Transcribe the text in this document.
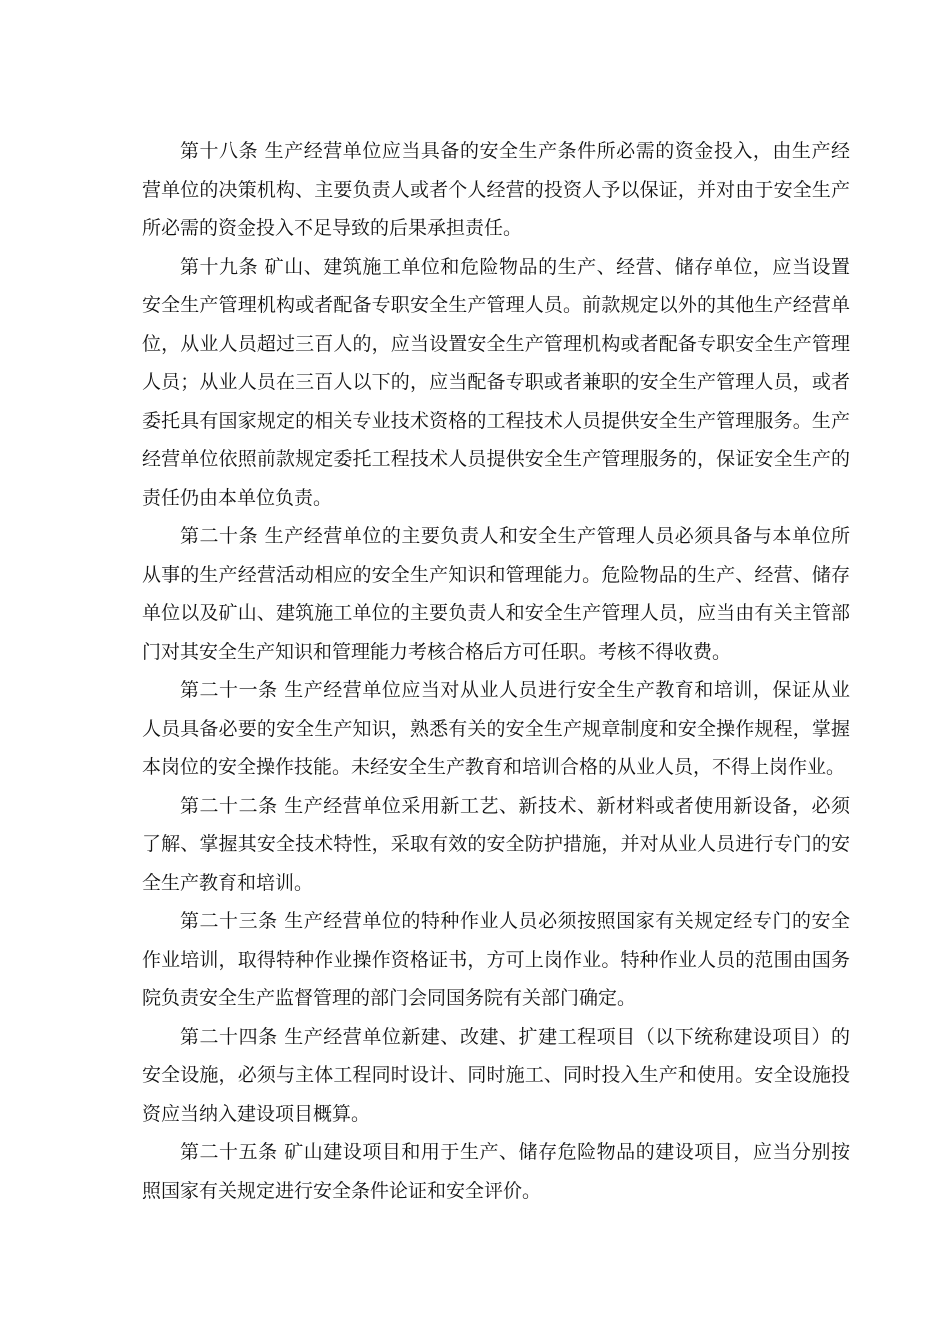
第十八条 生产经营单位应当具备的安全生产条件所必需的资金投入，由生产经营单位的决策机构、主要负责人或者个人经营的投资人予以保证，并对由于安全生产所必需的资金投入不足导致的后果承担责任。

第十九条 矿山、建筑施工单位和危险物品的生产、经营、储存单位，应当设置安全生产管理机构或者配备专职安全生产管理人员。前款规定以外的其他生产经营单位，从业人员超过三百人的，应当设置安全生产管理机构或者配备专职安全生产管理人员；从业人员在三百人以下的，应当配备专职或者兼职的安全生产管理人员，或者委托具有国家规定的相关专业技术资格的工程技术人员提供安全生产管理服务。生产经营单位依照前款规定委托工程技术人员提供安全生产管理服务的，保证安全生产的责任仍由本单位负责。

第二十条 生产经营单位的主要负责人和安全生产管理人员必须具备与本单位所从事的生产经营活动相应的安全生产知识和管理能力。危险物品的生产、经营、储存单位以及矿山、建筑施工单位的主要负责人和安全生产管理人员，应当由有关主管部门对其安全生产知识和管理能力考核合格后方可任职。考核不得收费。

第二十一条 生产经营单位应当对从业人员进行安全生产教育和培训，保证从业人员具备必要的安全生产知识，熟悉有关的安全生产规章制度和安全操作规程，掌握本岗位的安全操作技能。未经安全生产教育和培训合格的从业人员，不得上岗作业。

第二十二条 生产经营单位采用新工艺、新技术、新材料或者使用新设备，必须了解、掌握其安全技术特性，采取有效的安全防护措施，并对从业人员进行专门的安全生产教育和培训。

第二十三条 生产经营单位的特种作业人员必须按照国家有关规定经专门的安全作业培训，取得特种作业操作资格证书，方可上岗作业。特种作业人员的范围由国务院负责安全生产监督管理的部门会同国务院有关部门确定。

第二十四条 生产经营单位新建、改建、扩建工程项目（以下统称建设项目）的安全设施，必须与主体工程同时设计、同时施工、同时投入生产和使用。安全设施投资应当纳入建设项目概算。

第二十五条 矿山建设项目和用于生产、储存危险物品的建设项目，应当分别按照国家有关规定进行安全条件论证和安全评价。
